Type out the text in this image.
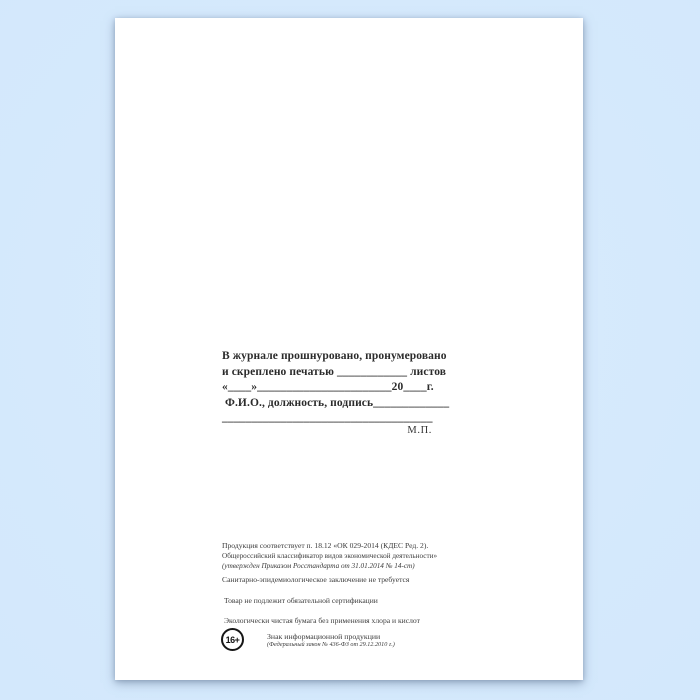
В журнале прошнуровано, пронумеровано
и скреплено печатью ____________ листов
«____»_______________________20____г.
Ф.И.О., должность, подпись_____________
____________________________________
М.П.
Продукция соответствует п. 18.12 «ОК 029-2014 (КДЕС Ред. 2).
Общероссийский классификатор видов экономической деятельности»
(утвержден Приказом Росстандарта от 31.01.2014 № 14-ст)
Санитарно-эпидемиологическое заключение не требуется
Товар не подлежит обязательной сертификации
Экологически чистая бумага без применения хлора и кислот
16+	Знак информационной продукции
(Федеральный закон № 436-ФЗ от 29.12.2010 г.)
